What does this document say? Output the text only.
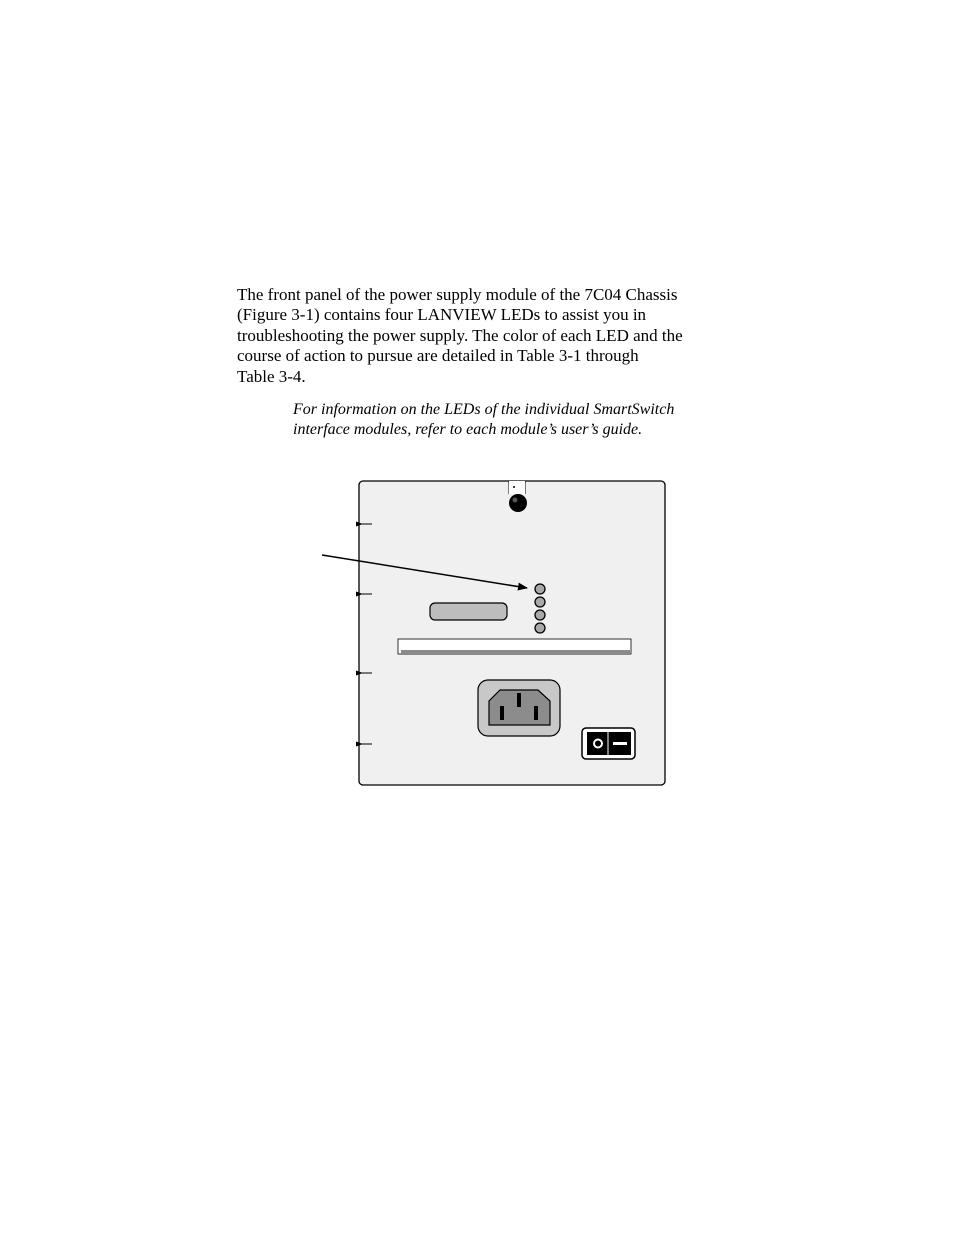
The front panel of the power supply module of the 7C04 Chassis
(Figure 3-1) contains four LANVIEW LEDs to assist you in
troubleshooting the power supply. The color of each LED and the
course of action to pursue are detailed in Table 3-1 through
Table 3-4.
For information on the LEDs of the individual SmartSwitch
interface modules, refer to each module’s user’s guide.
